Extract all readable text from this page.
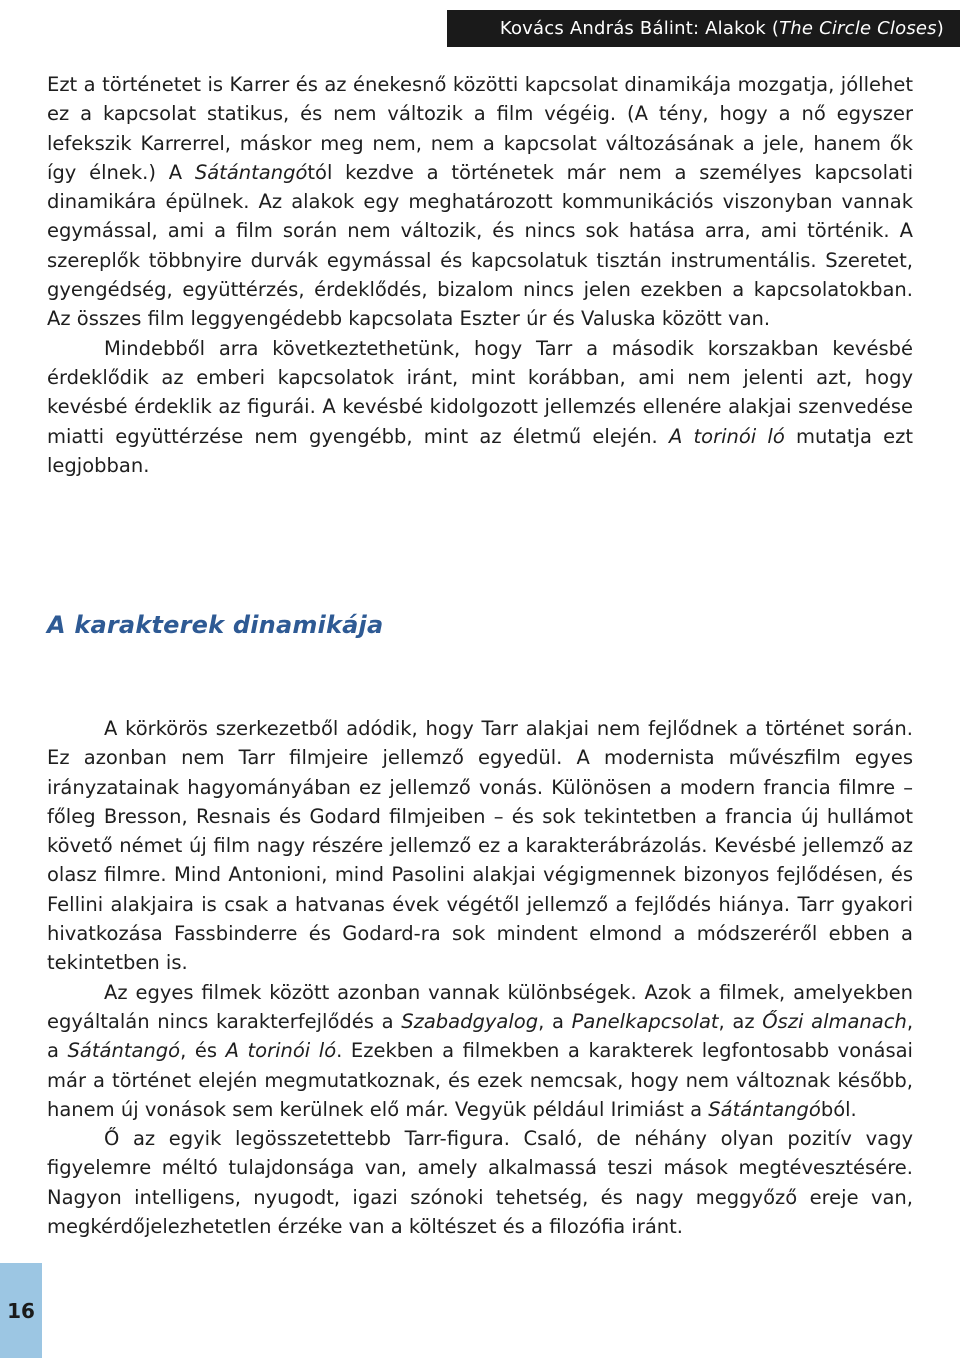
Kovács András Bálint: Alakok (The Circle Closes)

Ezt a történetet is Karrer és az énekesnő közötti kapcsolat dinamikája mozgatja, jóllehet ez a kapcsolat statikus, és nem változik a film végéig. (A tény, hogy a nő egyszer lefekszik Karrerrel, máskor meg nem, nem a kapcsolat változásának a jele, hanem ők így élnek.) A Sátántangótól kezdve a történetek már nem a személyes kapcsolati dinamikára épülnek. Az alakok egy meghatározott kommunikációs viszonyban vannak egymással, ami a film során nem változik, és nincs sok hatása arra, ami történik. A szereplők többnyire durvák egymással és kapcsolatuk tisztán instrumentális. Szeretet, gyengédség, együttérzés, érdeklődés, bizalom nincs jelen ezekben a kapcsolatokban. Az összes film leggyengédebb kapcsolata Eszter úr és Valuska között van.

Mindebből arra következtethetünk, hogy Tarr a második korszakban kevésbé érdeklődik az emberi kapcsolatok iránt, mint korábban, ami nem jelenti azt, hogy kevésbé érdeklik az figurái. A kevésbé kidolgozott jellemzés ellenére alakjai szenvedése miatti együttérzése nem gyengébb, mint az életmű elején. A torinói ló mutatja ezt legjobban.

A karakterek dinamikája

A körkörös szerkezetből adódik, hogy Tarr alakjai nem fejlődnek a történet során. Ez azonban nem Tarr filmjeire jellemző egyedül. A modernista művészfilm egyes irányzatainak hagyományában ez jellemző vonás. Különösen a modern francia filmre – főleg Bresson, Resnais és Godard filmjeiben – és sok tekintetben a francia új hullámot követő német új film nagy részére jellemző ez a karakterábrázolás. Kevésbé jellemző az olasz filmre. Mind Antonioni, mind Pasolini alakjai végigmennek bizonyos fejlődésen, és Fellini alakjaira is csak a hatvanas évek végétől jellemző a fejlődés hiánya. Tarr gyakori hivatkozása Fassbinderre és Godard-ra sok mindent elmond a módszeréről ebben a tekintetben is.

Az egyes filmek között azonban vannak különbségek. Azok a filmek, amelyekben egyáltalán nincs karakterfejlődés a Szabadgyalog, a Panelkapcsolat, az Őszi almanach, a Sátántangó, és A torinói ló. Ezekben a filmekben a karakterek legfontosabb vonásai már a történet elején megmutatkoznak, és ezek nemcsak, hogy nem változnak később, hanem új vonások sem kerülnek elő már. Vegyük például Irimiást a Sátántangóból.

Ő az egyik legösszetettebb Tarr-figura. Csaló, de néhány olyan pozitív vagy figyelemre méltó tulajdonsága van, amely alkalmassá teszi mások megtévesztésére. Nagyon intelligens, nyugodt, igazi szónoki tehetség, és nagy meggyőző ereje van, megkérdőjelezhetetlen érzéke van a költészet és a filozófia iránt.

16
